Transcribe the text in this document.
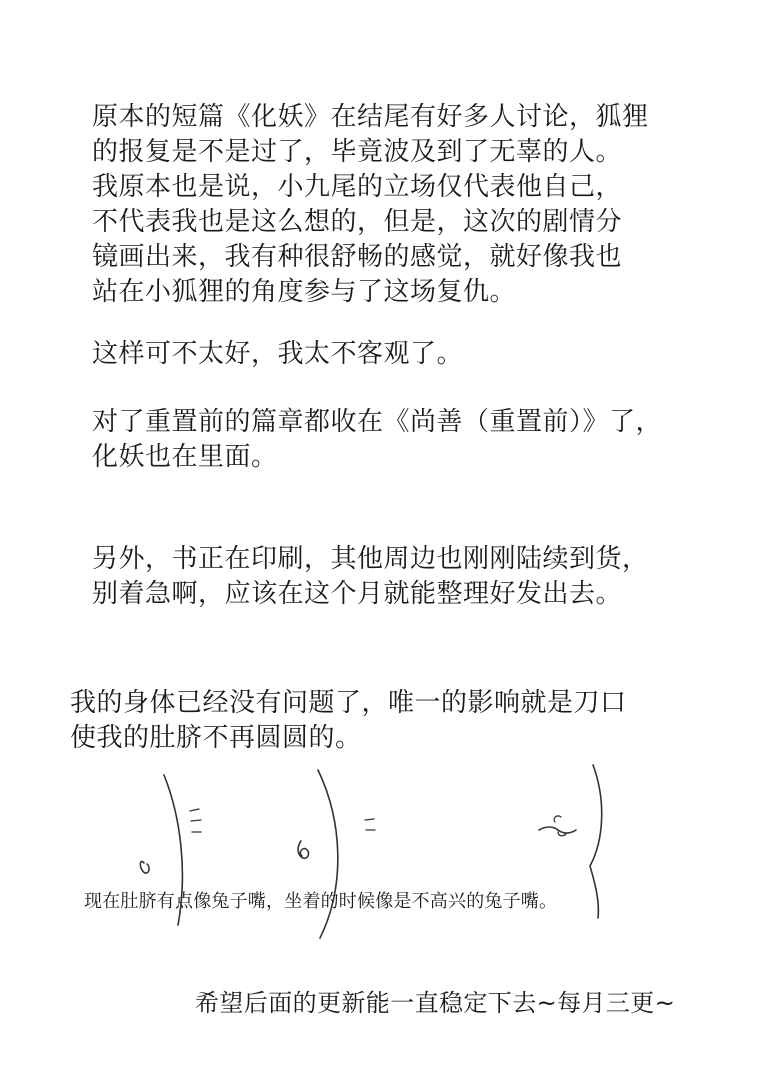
原本的短篇《化妖》在结尾有好多人讨论，狐狸
的报复是不是过了，毕竟波及到了无辜的人。
我原本也是说，小九尾的立场仅代表他自己，
不代表我也是这么想的，但是，这次的剧情分
镜画出来，我有种很舒畅的感觉，就好像我也
站在小狐狸的角度参与了这场复仇。
这样可不太好，我太不客观了。
对了重置前的篇章都收在《尚善（重置前）》了，
化妖也在里面。
另外，书正在印刷，其他周边也刚刚陆续到货，
别着急啊，应该在这个月就能整理好发出去。
我的身体已经没有问题了，唯一的影响就是刀口
使我的肚脐不再圆圆的。
现在肚脐有点像兔子嘴，坐着的时候像是不高兴的兔子嘴。
希望后面的更新能一直稳定下去~每月三更~
